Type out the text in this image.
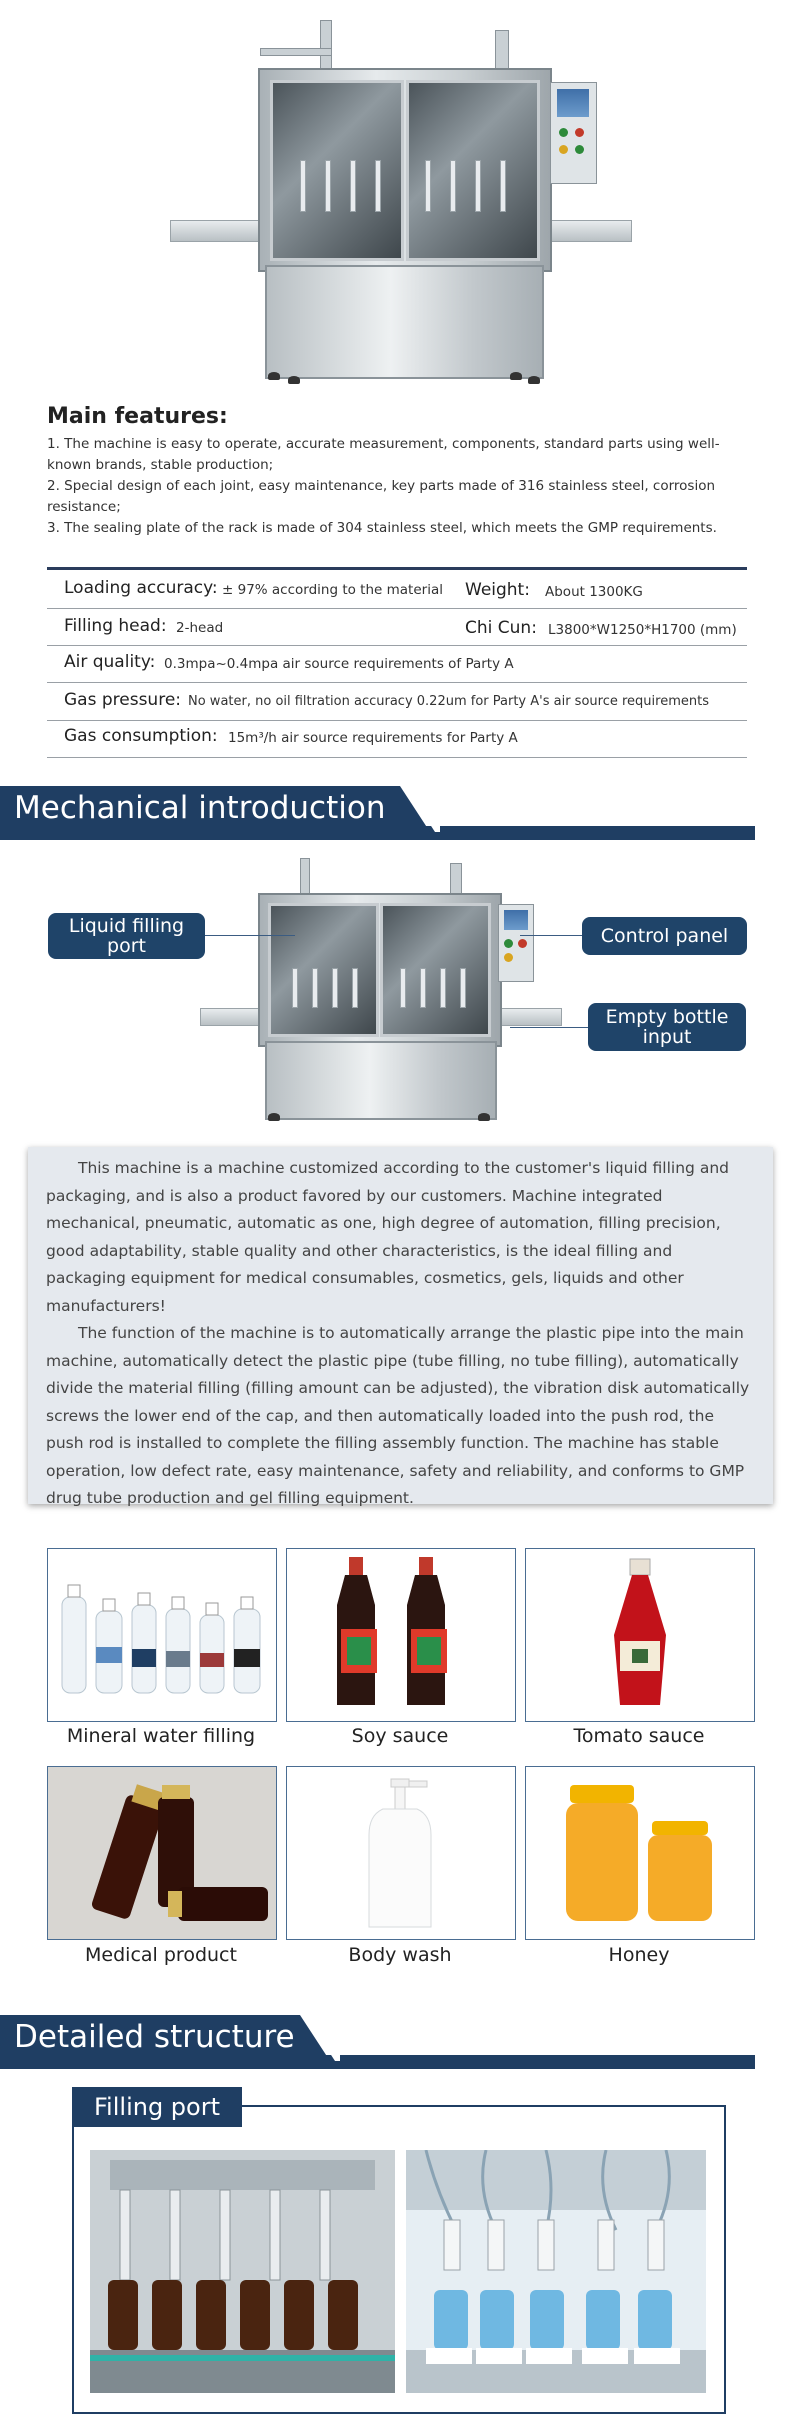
Main features:

1. The machine is easy to operate, accurate measurement, components, standard parts using well-known brands, stable production;

2. Special design of each joint, easy maintenance, key parts made of 316 stainless steel, corrosion resistance;

3. The sealing plate of the rack is made of 304 stainless steel, which meets the GMP requirements.

Loading accuracy: ± 97% according to the material Weight: About 1300KG
Filling head: 2-head	Chi Cun: L3800*W1250*H1700 (mm)
Air quality: 0.3mpa~0.4mpa air source requirements of Party A
Gas pressure: No water, no oil filtration accuracy 0.22um for Party A's air source requirements
Gas consumption: 15m³/h air source requirements for Party A
Mechanical introduction
Liquid filling port	Control panel
Empty bottle input

This machine is a machine customized according to the customer's liquid filling and packaging, and is also a product favored by our customers. Machine integrated mechanical, pneumatic, automatic as one, high degree of automation, filling precision, good adaptability, stable quality and other characteristics, is the ideal filling and packaging equipment for medical consumables, cosmetics, gels, liquids and other manufacturers!

The function of the machine is to automatically arrange the plastic pipe into the main machine, automatically detect the plastic pipe (tube filling, no tube filling), automatically divide the material filling (filling amount can be adjusted), the vibration disk automatically screws the lower end of the cap, and then automatically loaded into the push rod, the push rod is installed to complete the filling assembly function. The machine has stable operation, low defect rate, easy maintenance, safety and reliability, and conforms to GMP drug tube production and gel filling equipment.

Mineral water filling	Soy sauce	Tomato sauce
Medical product	Body wash	Honey
Detailed structure
Filling port
